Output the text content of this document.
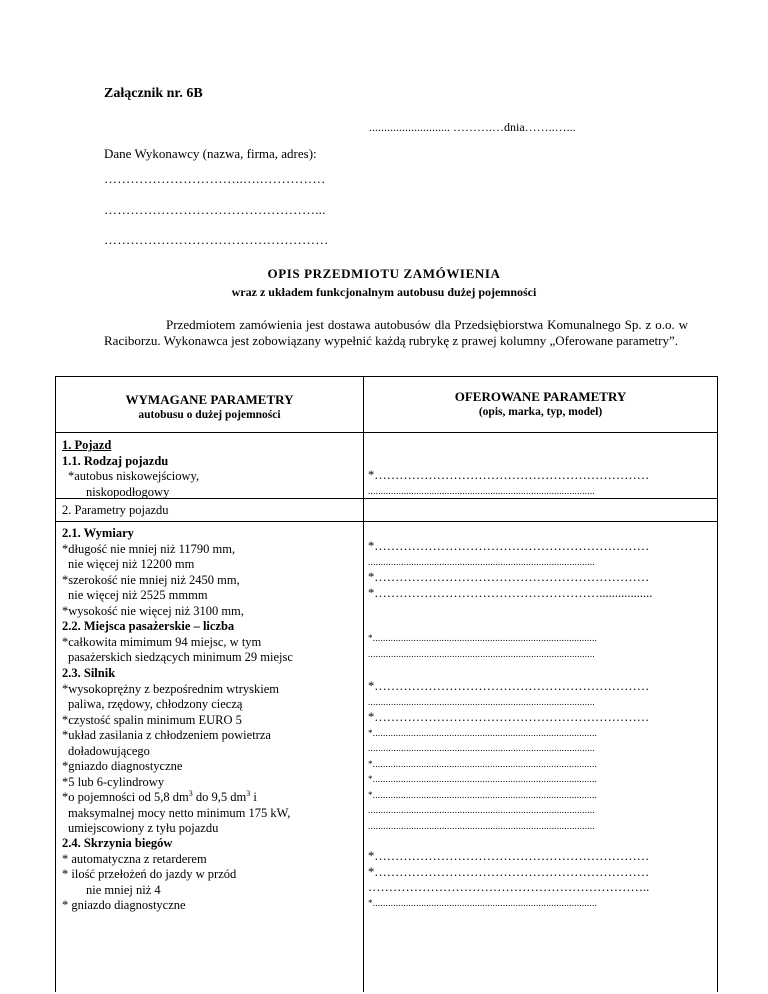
Załącznik nr. 6B
........................... ……….…dnia……..…...
Dane Wykonawcy (nazwa, firma, adres):
…………………………..….……………
…………………………………………...
……………………………………………
OPIS PRZEDMIOTU ZAMÓWIENIA
wraz z układem funkcjonalnym autobusu dużej pojemności
Przedmiotem zamówienia jest dostawa autobusów dla Przedsiębiorstwa Komunalnego Sp. z o.o. w Raciborzu. Wykonawca jest zobowiązany wypełnić każdą rubrykę z prawej kolumny „Oferowane parametry”.
WYMAGANE PARAMETRY
autobusu o dużej pojemności
OFEROWANE PARAMETRY
(opis, marka, typ, model)
1. Pojazd
1.1. Rodzaj pojazdu
*autobus niskowejściowy,
niskopodłogowy
*…………………………………………………………
.........................................................................................
2. Parametry pojazdu
2.1. Wymiary
*długość nie mniej niż 11790 mm,
nie więcej niż 12200 mm
*szerokość nie mniej niż 2450 mm,
nie więcej niż 2525 mmmm
*wysokość nie więcej niż 3100 mm,
*…………………………………………………………
.........................................................................................
*…………………………………………………………
*……………………………………………….................
2.2. Miejsca pasażerskie – liczba
*całkowita mimimum 94 miejsc, w tym
pasażerskich siedzących minimum 29 miejsc
*........................................................................................
.........................................................................................
2.3. Silnik
*wysokoprężny z bezpośrednim wtryskiem
paliwa, rzędowy, chłodzony cieczą
*czystość spalin minimum EURO 5
*układ zasilania z chłodzeniem powietrza
doładowującego
*gniazdo diagnostyczne
*5 lub 6-cylindrowy
*o pojemności od 5,8 $dm^3$ do 9,5 $dm^3$ i
maksymalnej mocy netto minimum 175 kW,
umiejscowiony z tyłu pojazdu
*…………………………………………………………
.........................................................................................
*…………………………………………………………
*........................................................................................
.........................................................................................
*........................................................................................
*........................................................................................
*........................................................................................
.........................................................................................
.........................................................................................
2.4. Skrzynia biegów
* automatyczna z retarderem
* ilość przełożeń do jazdy w przód
nie mniej niż 4
* gniazdo diagnostyczne
*…………………………………………………………
*…………………………………………………………
…………………………………………………………..
*........................................................................................
